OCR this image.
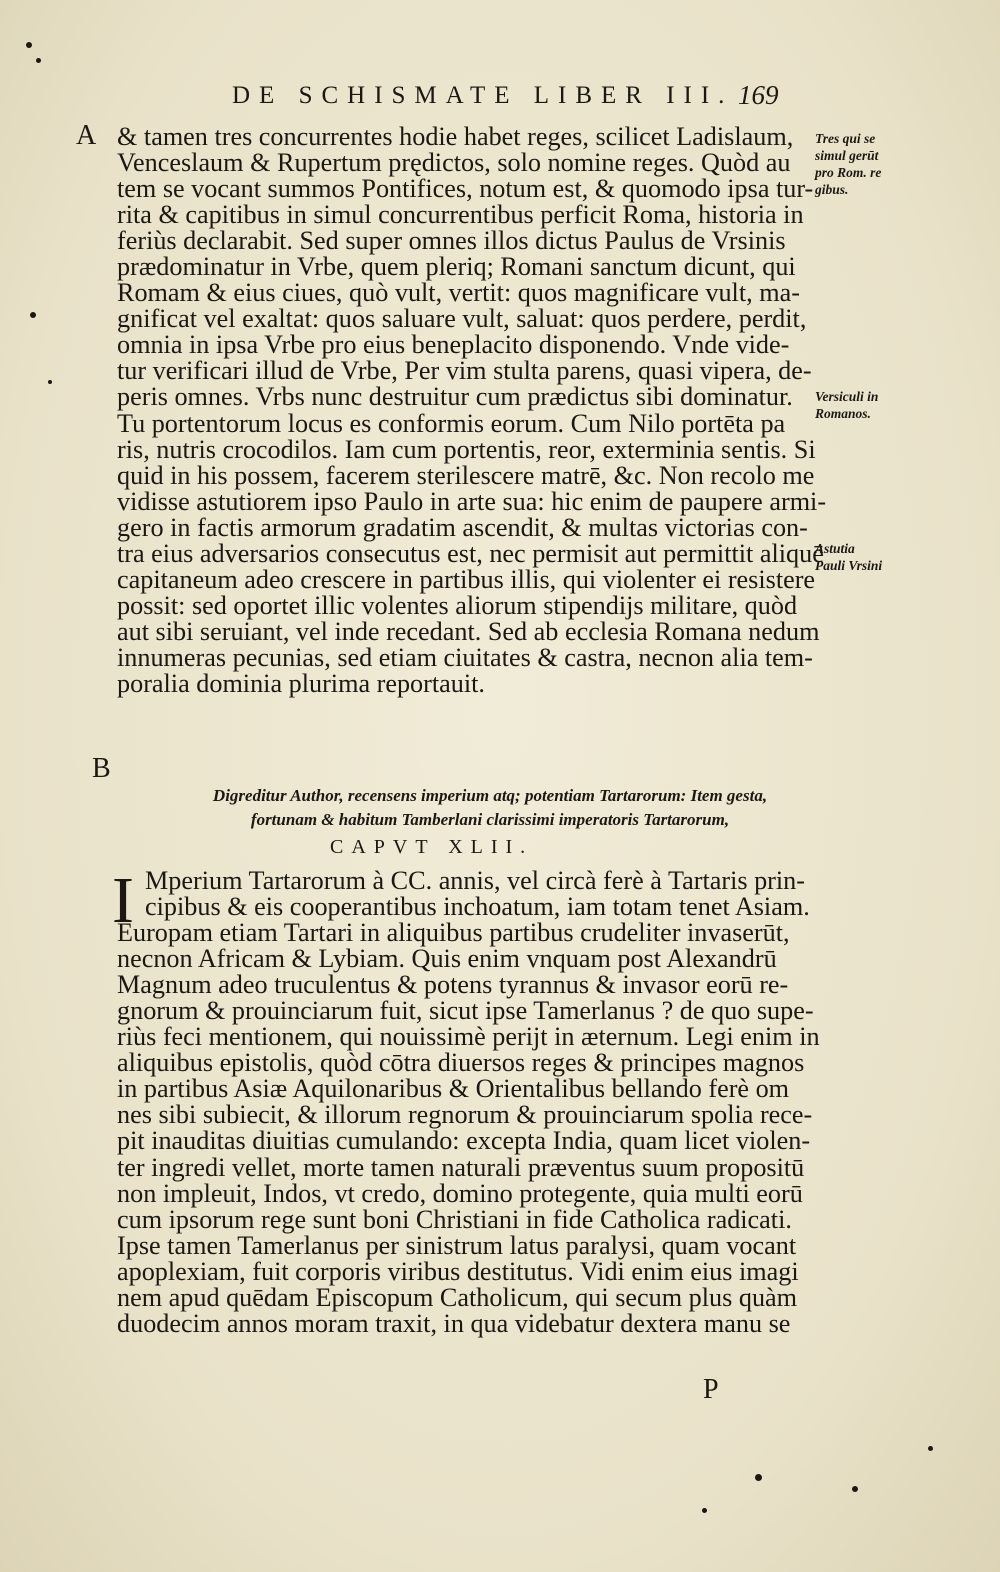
DE SCHISMATE LIBER III. 169
A & tamen tres concurrentes hodie habet reges, scilicet Ladislaum,
Venceslaum & Rupertum prędictos, solo nomine reges. Quòd au
tem se vocant summos Pontifices, notum est, & quomodo ipsa tur-
rita & capitibus in simul concurrentibus perficit Roma, historia in
feriùs declarabit. Sed super omnes illos dictus Paulus de Vrsinis
prædominatur in Vrbe, quem pleriq; Romani sanctum dicunt, qui
Romam & eius ciues, quò vult, vertit: quos magnificare vult, ma-
gnificat vel exaltat: quos saluare vult, saluat: quos perdere, perdit,
omnia in ipsa Vrbe pro eius beneplacito disponendo. Vnde vide-
tur verificari illud de Vrbe, Per vim stulta parens, quasi vipera, de-
peris omnes. Vrbs nunc destruitur cum prædictus sibi dominatur.
Tu portentorum locus es conformis eorum. Cum Nilo portēta pa
ris, nutris crocodilos. Iam cum portentis, reor, exterminia sentis. Si
quid in his possem, facerem sterilescere matrē, &c. Non recolo me
vidisse astutiorem ipso Paulo in arte sua: hic enim de paupere armi-
gero in factis armorum gradatim ascendit, & multas victorias con-
tra eius adversarios consecutus est, nec permisit aut permittit aliquē
capitaneum adeo crescere in partibus illis, qui violenter ei resistere
possit: sed oportet illic volentes aliorum stipendijs militare, quòd
aut sibi seruiant, vel inde recedant. Sed ab ecclesia Romana nedum
innumeras pecunias, sed etiam ciuitates & castra, necnon alia tem-
poralia dominia plurima reportauit.
Tres qui se
simul gerūt
pro Rom. re
gibus.
Versiculi in
Romanos.
Astutia
Pauli Vrsini
B
Digreditur Author, recensens imperium atq; potentiam Tartarorum: Item gesta,
fortunam & habitum Tamberlani clarissimi imperatoris Tartarorum,
CAPVT XLII.
I Mperium Tartarorum à CC. annis, vel circà ferè à Tartaris prin-
cipibus & eis cooperantibus inchoatum, iam totam tenet Asiam.
Europam etiam Tartari in aliquibus partibus crudeliter invaserūt,
necnon Africam & Lybiam. Quis enim vnquam post Alexandrū
Magnum adeo truculentus & potens tyrannus & invasor eorū re-
gnorum & prouinciarum fuit, sicut ipse Tamerlanus ? de quo supe-
riùs feci mentionem, qui nouissimè perijt in æternum. Legi enim in
aliquibus epistolis, quòd cōtra diuersos reges & principes magnos
in partibus Asiæ Aquilonaribus & Orientalibus bellando ferè om
nes sibi subiecit, & illorum regnorum & prouinciarum spolia rece-
pit inauditas diuitias cumulando: excepta India, quam licet violen-
ter ingredi vellet, morte tamen naturali præventus suum propositū
non impleuit, Indos, vt credo, domino protegente, quia multi eorū
cum ipsorum rege sunt boni Christiani in fide Catholica radicati.
Ipse tamen Tamerlanus per sinistrum latus paralysi, quam vocant
apoplexiam, fuit corporis viribus destitutus. Vidi enim eius imagi
nem apud quēdam Episcopum Catholicum, qui secum plus quàm
duodecim annos moram traxit, in qua videbatur dextera manu se
P
